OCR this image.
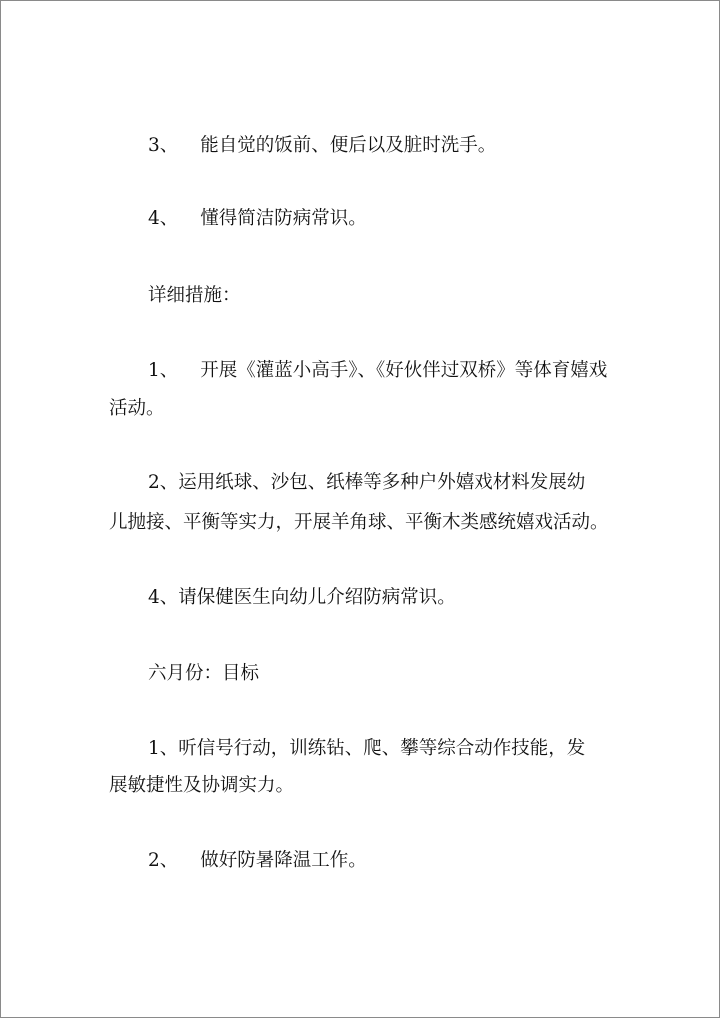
3、 能自觉的饭前、便后以及脏时洗手。

4、 懂得简洁防病常识。

详细措施：

1、 开展《灌蓝小高手》、《好伙伴过双桥》等体育嬉戏

活动。

2、运用纸球、沙包、纸棒等多种户外嬉戏材料发展幼

儿抛接、平衡等实力，开展羊角球、平衡木类感统嬉戏活动。

4、请保健医生向幼儿介绍防病常识。

六月份：目标

1、听信号行动，训练钻、爬、攀等综合动作技能，发

展敏捷性及协调实力。

2、 做好防暑降温工作。
